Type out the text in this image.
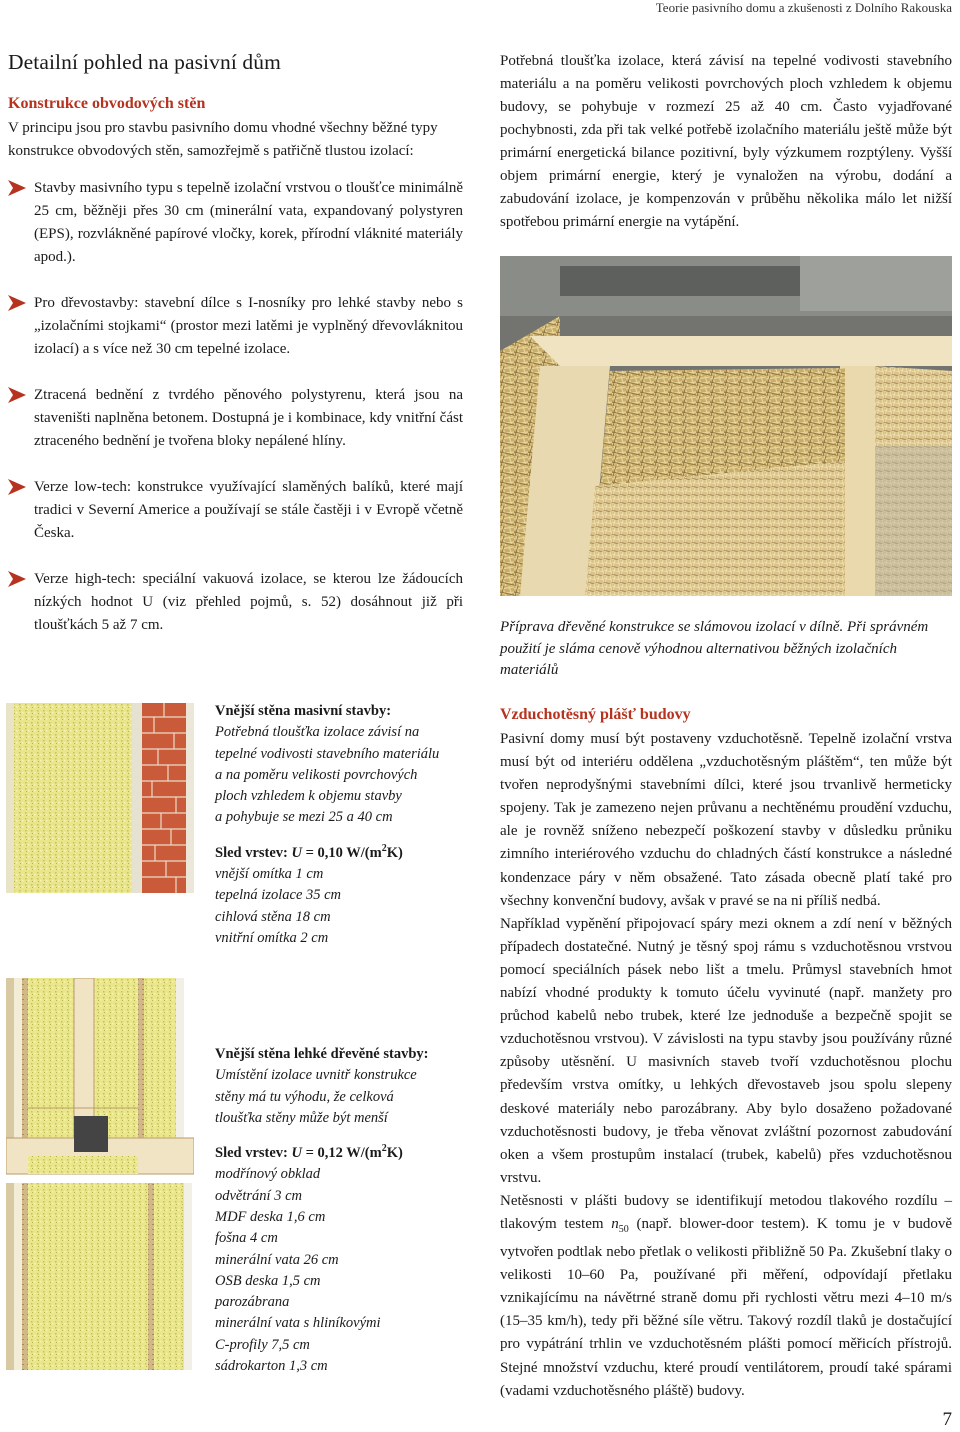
Teorie pasivního domu a zkušenosti z Dolního Rakouska
Detailní pohled na pasivní dům
Konstrukce obvodových stěn

V principu jsou pro stavbu pasivního domu vhodné všechny běžné typy konstrukce obvodových stěn, samozřejmě s patřičně tlustou izolací:

Stavby masivního typu s tepelně izolační vrstvou o tloušťce minimálně 25 cm, běžněji přes 30 cm (minerální vata, expandovaný polystyren (EPS), rozvlákněné papírové vločky, korek, přírodní vláknité materiály apod.).
Pro dřevostavby: stavební dílce s I-nosníky pro lehké stavby nebo s „izolačními stojkami“ (prostor mezi latěmi je vyplněný dřevovláknitou izolací) a s více než 30 cm tepelné izolace.
Ztracená bednění z tvrdého pěnového polystyrenu, která jsou na staveništi naplněna betonem. Dostupná je i kombinace, kdy vnitřní část ztraceného bednění je tvořena bloky nepálené hlíny.
Verze low-tech: konstrukce využívající slaměných balíků, které mají tradici v Severní Americe a používají se stále častěji i v Evropě včetně Česka.
Verze high-tech: speciální vakuová izolace, se kterou lze žádoucích nízkých hodnot U (viz přehled pojmů, s. 52) dosáhnout již při tloušťkách 5 až 7 cm.

Potřebná tloušťka izolace, která závisí na tepelné vodivosti stavebního materiálu a na poměru velikosti povrchových ploch vzhledem k objemu budovy, se pohybuje v rozmezí 25 až 40 cm. Často vyjadřované pochybnosti, zda při tak velké potřebě izolačního materiálu ještě může být primární energetická bilance pozitivní, byly výzkumem rozptýleny. Vyšší objem primární energie, který je vynaložen na výrobu, dodání a zabudování izolace, je kompenzován v průběhu několika málo let nižší spotřebou primární energie na vytápění.

Příprava dřevěné konstrukce se slámovou izolací v dílně. Při správném použití je sláma cenově výhodnou alternativou běžných izolačních materiálů
Vzduchotěsný plášť budovy

Pasivní domy musí být postaveny vzduchotěsně. Tepelně izolační vrstva musí být od interiéru oddělena „vzduchotěsným pláštěm“, ten může být tvořen neprodyšnými stavebními dílci, které jsou trvanlivě hermeticky spojeny. Tak je zamezeno nejen průvanu a nechtěnému proudění vzduchu, ale je rovněž sníženo nebezpečí poškození stavby v důsledku průniku zimního interiérového vzduchu do chladných částí konstrukce a následné kondenzace páry v něm obsažené. Tato zásada obecně platí také pro všechny konvenční budovy, avšak v pravé se na ni příliš nedbá.

Například vypěnění připojovací spáry mezi oknem a zdí není v běžných případech dostatečné. Nutný je těsný spoj rámu s vzduchotěsnou vrstvou pomocí speciálních pásek nebo lišt a tmelu. Průmysl stavebních hmot nabízí vhodné produkty k tomuto účelu vyvinuté (např. manžety pro průchod kabelů nebo trubek, které lze jednoduše a bezpečně spojit se vzduchotěsnou vrstvou). V závislosti na typu stavby jsou používány různé způsoby utěsnění. U masivních staveb tvoří vzduchotěsnou plochu především vrstva omítky, u lehkých dřevostaveb jsou spolu slepeny deskové materiály nebo parozábrany. Aby bylo dosaženo požadované vzduchotěsnosti budovy, je třeba věnovat zvláštní pozornost zabudování oken a všem prostupům instalací (trubek, kabelů) přes vzduchotěsnou vrstvu.

Netěsnosti v plášti budovy se identifikují metodou tlakového rozdílu – tlakovým testem $n_{50}$ (např. blower-door testem). K tomu je v budově vytvořen podtlak nebo přetlak o velikosti přibližně 50 Pa. Zkušební tlaky o velikosti 10–60 Pa, používané při měření, odpovídají přetlaku vznikajícímu na návětrné straně domu při rychlosti větru mezi 4–10 m/s (15–35 km/h), tedy při běžné síle větru. Takový rozdíl tlaků je dostačující pro vypátrání trhlin ve vzduchotěsném plášti pomocí měřicích přístrojů. Stejné množství vzduchu, které proudí ventilátorem, proudí také spárami (vadami vzduchotěsného pláště) budovy.

Vnější stěna masivní stavby:
Potřebná tloušťka izolace závisí na
tepelné vodivosti stavebního materiálu
a na poměru velikosti povrchových
ploch vzhledem k objemu stavby
a pohybuje se mezi 25 a 40 cm
Sled vrstev: U = 0,10 $W/(m^2K)$
vnější omítka 1 cm
tepelná izolace 35 cm
cihlová stěna 18 cm
vnitřní omítka 2 cm
Vnější stěna lehké dřevěné stavby:
Umístění izolace uvnitř konstrukce
stěny má tu výhodu, že celková
tloušťka stěny může být menší
Sled vrstev: U = 0,12 $W/(m^2K)$
modřínový obklad
odvětrání 3 cm
MDF deska 1,6 cm
fošna 4 cm
minerální vata 26 cm
OSB deska 1,5 cm
parozábrana
minerální vata s hliníkovými
C-profily 7,5 cm
sádrokarton 1,3 cm
7
